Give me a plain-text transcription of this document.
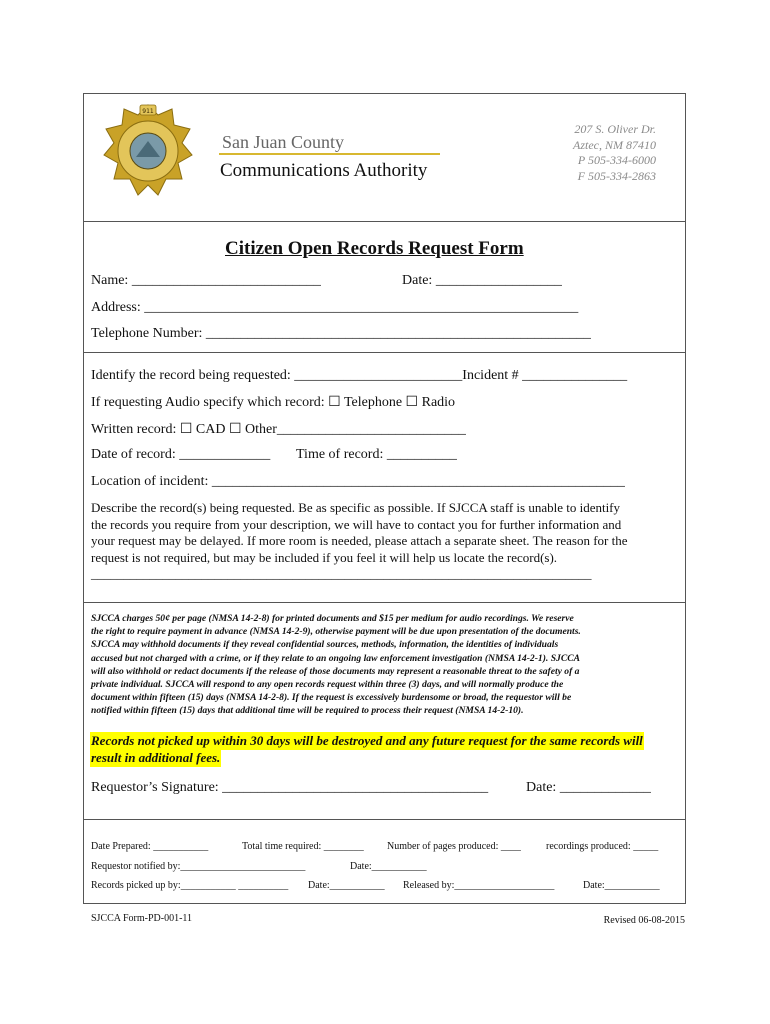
911
San Juan County
Communications Authority
207 S. Oliver Dr.
Aztec, NM 87410
P 505-334-6000
F 505-334-2863
Citizen Open Records Request Form
Name: ___________________________	Date: __________________
Address: ______________________________________________________________
Telephone Number: _______________________________________________________
Identify the record being requested: ________________________Incident # _______________
If requesting Audio specify which record: ☐ Telephone ☐ Radio
Written record: ☐ CAD ☐ Other___________________________
Date of record: _____________ Time of record: __________
Location of incident: ___________________________________________________________
Describe the record(s) being requested. Be as specific as possible. If SJCCA staff is unable to identify
the records you require from your description, we will have to contact you for further information and
your request may be delayed. If more room is needed, please attach a separate sheet. The reason for the
request is not required, but may be included if you feel it will help us locate the record(s).
_____________________________________________________________________________
SJCCA charges 50¢ per page (NMSA 14-2-8) for printed documents and $15 per medium for audio recordings. We reserve
the right to require payment in advance (NMSA 14-2-9), otherwise payment will be due upon presentation of the documents.
SJCCA may withhold documents if they reveal confidential sources, methods, information, the identities of individuals
accused but not charged with a crime, or if they relate to an ongoing law enforcement investigation (NMSA 14-2-1). SJCCA
will also withhold or redact documents if the release of those documents may represent a reasonable threat to the safety of a
private individual. SJCCA will respond to any open records request within three (3) days, and will normally produce the
document within fifteen (15) days (NMSA 14-2-8). If the request is excessively burdensome or broad, the requestor will be
notified within fifteen (15) days that additional time will be required to process their request (NMSA 14-2-10).
Records not picked up within 30 days will be destroyed and any future request for the same records will
result in additional fees.
Requestor’s Signature: ______________________________________	Date: _____________
Date Prepared: ___________	Total time required: ________ Number of pages produced: ____	recordings produced: _____
Requestor notified by:_________________________	Date:___________
Records picked up by:___________ __________ Date:___________ Released by:____________________	Date:___________
SJCCA Form-PD-001-11	Revised 06-08-2015
